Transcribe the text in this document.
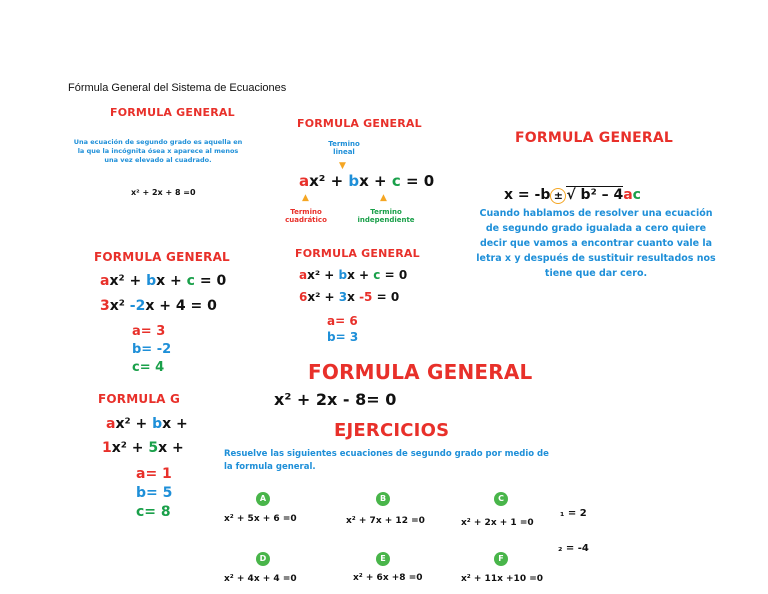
Fórmula General del Sistema de Ecuaciones
FORMULA GENERAL
Una ecuación de segundo grado es aquella en
la que la incógnita ósea x aparece al menos
una vez elevado al cuadrado.
x² + 2x + 8 =0
FORMULA GENERAL
Termino
lineal
▼
ax² + bx + c = 0
▲	▲
Termino
cuadrático
Termino
independiente
FORMULA GENERAL
x = -b ± √ b² – 4ac
Cuando hablamos de resolver una ecuación
de segundo grado igualada a cero quiere
decir que vamos a encontrar cuanto vale la
letra x y después de sustituir resultados nos
tiene que dar cero.
FORMULA GENERAL
ax² + bx + c = 0
3x² -2x + 4 = 0
a= 3
b= -2
c= 4
FORMULA GENERAL
ax² + bx + c = 0
6x² + 3x -5 = 0
a= 6
b= 3
FORMULA G
ax² + bx +
1x² + 5x +
a= 1
b= 5
c= 8	₁ = 2
₂ = -4
FORMULA GENERAL
x² + 2x - 8= 0
EJERCICIOS
Resuelve las siguientes ecuaciones de segundo grado por medio de
la formula general.
A
x² + 5x + 6 =0
B
x² + 7x + 12 =0
C
x² + 2x + 1 =0
D
x² + 4x + 4 =0
E
x² + 6x +8 =0
F
x² + 11x +10 =0
